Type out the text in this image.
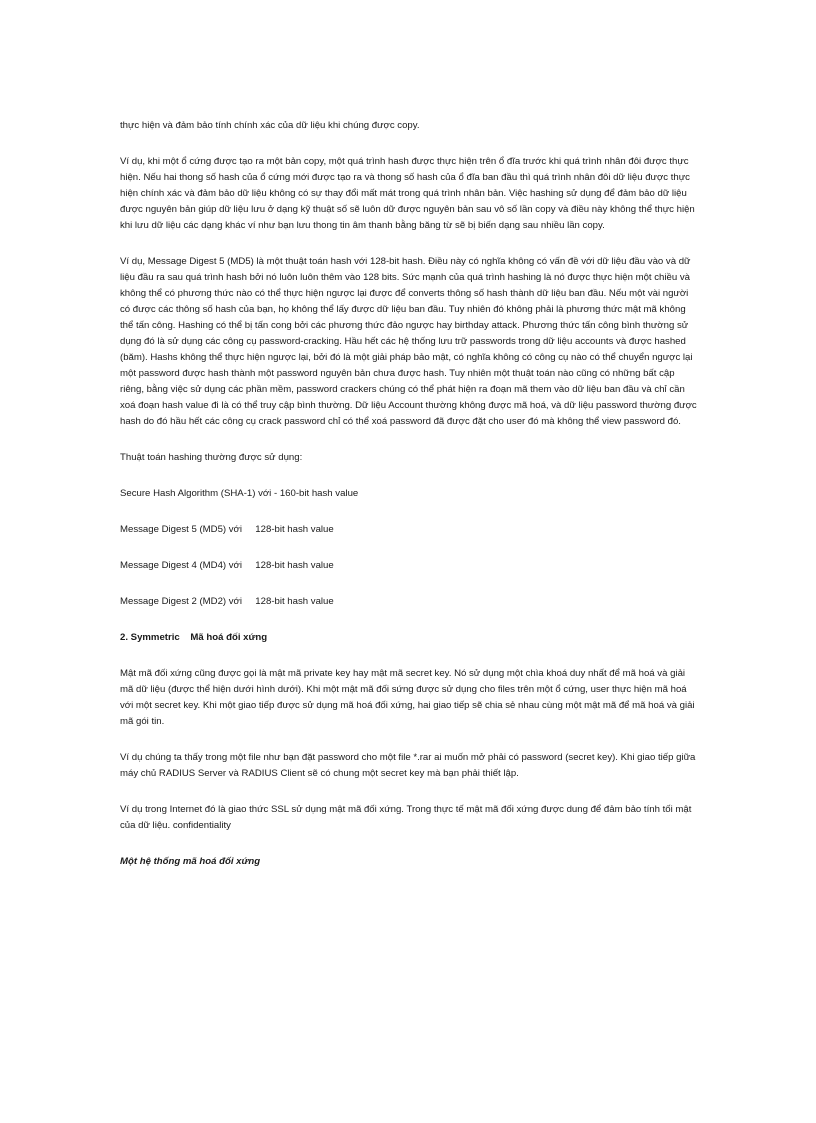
thực hiện và đảm bảo tính chính xác của dữ liệu khi chúng được copy.

Ví dụ, khi một ổ cứng được tạo ra một bản copy, một quá trình hash được thực hiện trên ổ đĩa trước khi quá trình nhân đôi được thực hiện. Nếu hai thong số hash của ổ cứng mới được tạo ra và thong số hash của ổ đĩa ban đầu thì quá trình nhân đôi dữ liệu được thực hiện chính xác và đảm bảo dữ liệu không có sự thay đổi mất mát trong quá trình nhân bản. Việc hashing sử dụng để đảm bảo dữ liệu được nguyên bản giúp dữ liệu lưu ở dạng kỹ thuật số sẽ luôn dữ được nguyên bản sau vô số lần copy và điều này không thể thực hiện khi lưu dữ liệu các dạng khác ví như bạn lưu thong tin âm thanh bằng băng từ sẽ bị biến dạng sau nhiều lần copy.

Ví dụ, Message Digest 5 (MD5) là một thuật toán hash với 128-bit hash. Điều này có nghĩa không có vấn đề với dữ liệu đầu vào và dữ liệu đầu ra sau quá trình hash bởi nó luôn luôn thêm vào 128 bits. Sức mạnh của quá trình hashing là nó được thực hiện một chiều và không thể có phương thức nào có thể thực hiện ngược lại được để converts thông số hash thành dữ liệu ban đầu. Nếu một vài người có được các thông số hash của bạn, họ không thể lấy được dữ liệu ban đầu. Tuy nhiên đó không phải là phương thức mật mã không thể tấn công. Hashing có thể bị tấn cong bởi các phương thức đảo ngược hay birthday attack. Phương thức tấn công bình thường sử dụng đó là sử dụng các công cụ password-cracking. Hầu hết các hệ thống lưu trữ passwords trong dữ liệu accounts và được hashed (băm). Hashs không thể thực hiện ngược lại, bởi đó là một giải pháp bảo mật, có nghĩa không có công cụ nào có thể chuyển ngược lại một password được hash thành một password nguyên bản chưa được hash. Tuy nhiên một thuật toán nào cũng có những bất cập riêng, bằng việc sử dụng các phần mềm, password crackers chúng có thể phát hiện ra đoạn mã them vào dữ liệu ban đầu và chỉ cần xoá đoạn hash value đi là có thể truy cập bình thường. Dữ liệu Account thường không được mã hoá, và dữ liệu password thường được hash do đó hầu hết các công cụ crack password chỉ có thể xoá password đã được đặt cho user đó mà không thể view password đó.

Thuật toán hashing thường được sử dụng:

Secure Hash Algorithm (SHA-1) với - 160-bit hash value

Message Digest 5 (MD5) với     128-bit hash value

Message Digest 4 (MD4) với     128-bit hash value

Message Digest 2 (MD2) với     128-bit hash value

2. Symmetric    Mã hoá đối xứng

Mật mã đối xứng cũng được gọi là mật mã private key hay mật mã secret key. Nó sử dụng một chìa khoá duy nhất để mã hoá và giải mã dữ liệu (được thể hiện dưới hình dưới). Khi một mật mã đối sứng được sử dụng cho files trên một ổ cứng, user thực hiện mã hoá với một secret key. Khi một giao tiếp được sử dụng mã hoá đối xứng, hai giao tiếp sẽ chia sẻ nhau cùng một mật mã để mã hoá và giải mã gói tin.

Ví dụ chúng ta thấy trong một file như bạn đặt password cho một file *.rar ai muốn mở phải có password (secret key). Khi giao tiếp giữa máy chủ RADIUS Server và RADIUS Client sẽ có chung một secret key mà bạn phải thiết lập.

Ví dụ trong Internet đó là giao thức SSL sử dụng mật mã đối xứng. Trong thực tế mật mã đối xứng được dung để đảm bảo tính tối mật của dữ liệu. confidentiality

Một hệ thống mã hoá đối xứng
